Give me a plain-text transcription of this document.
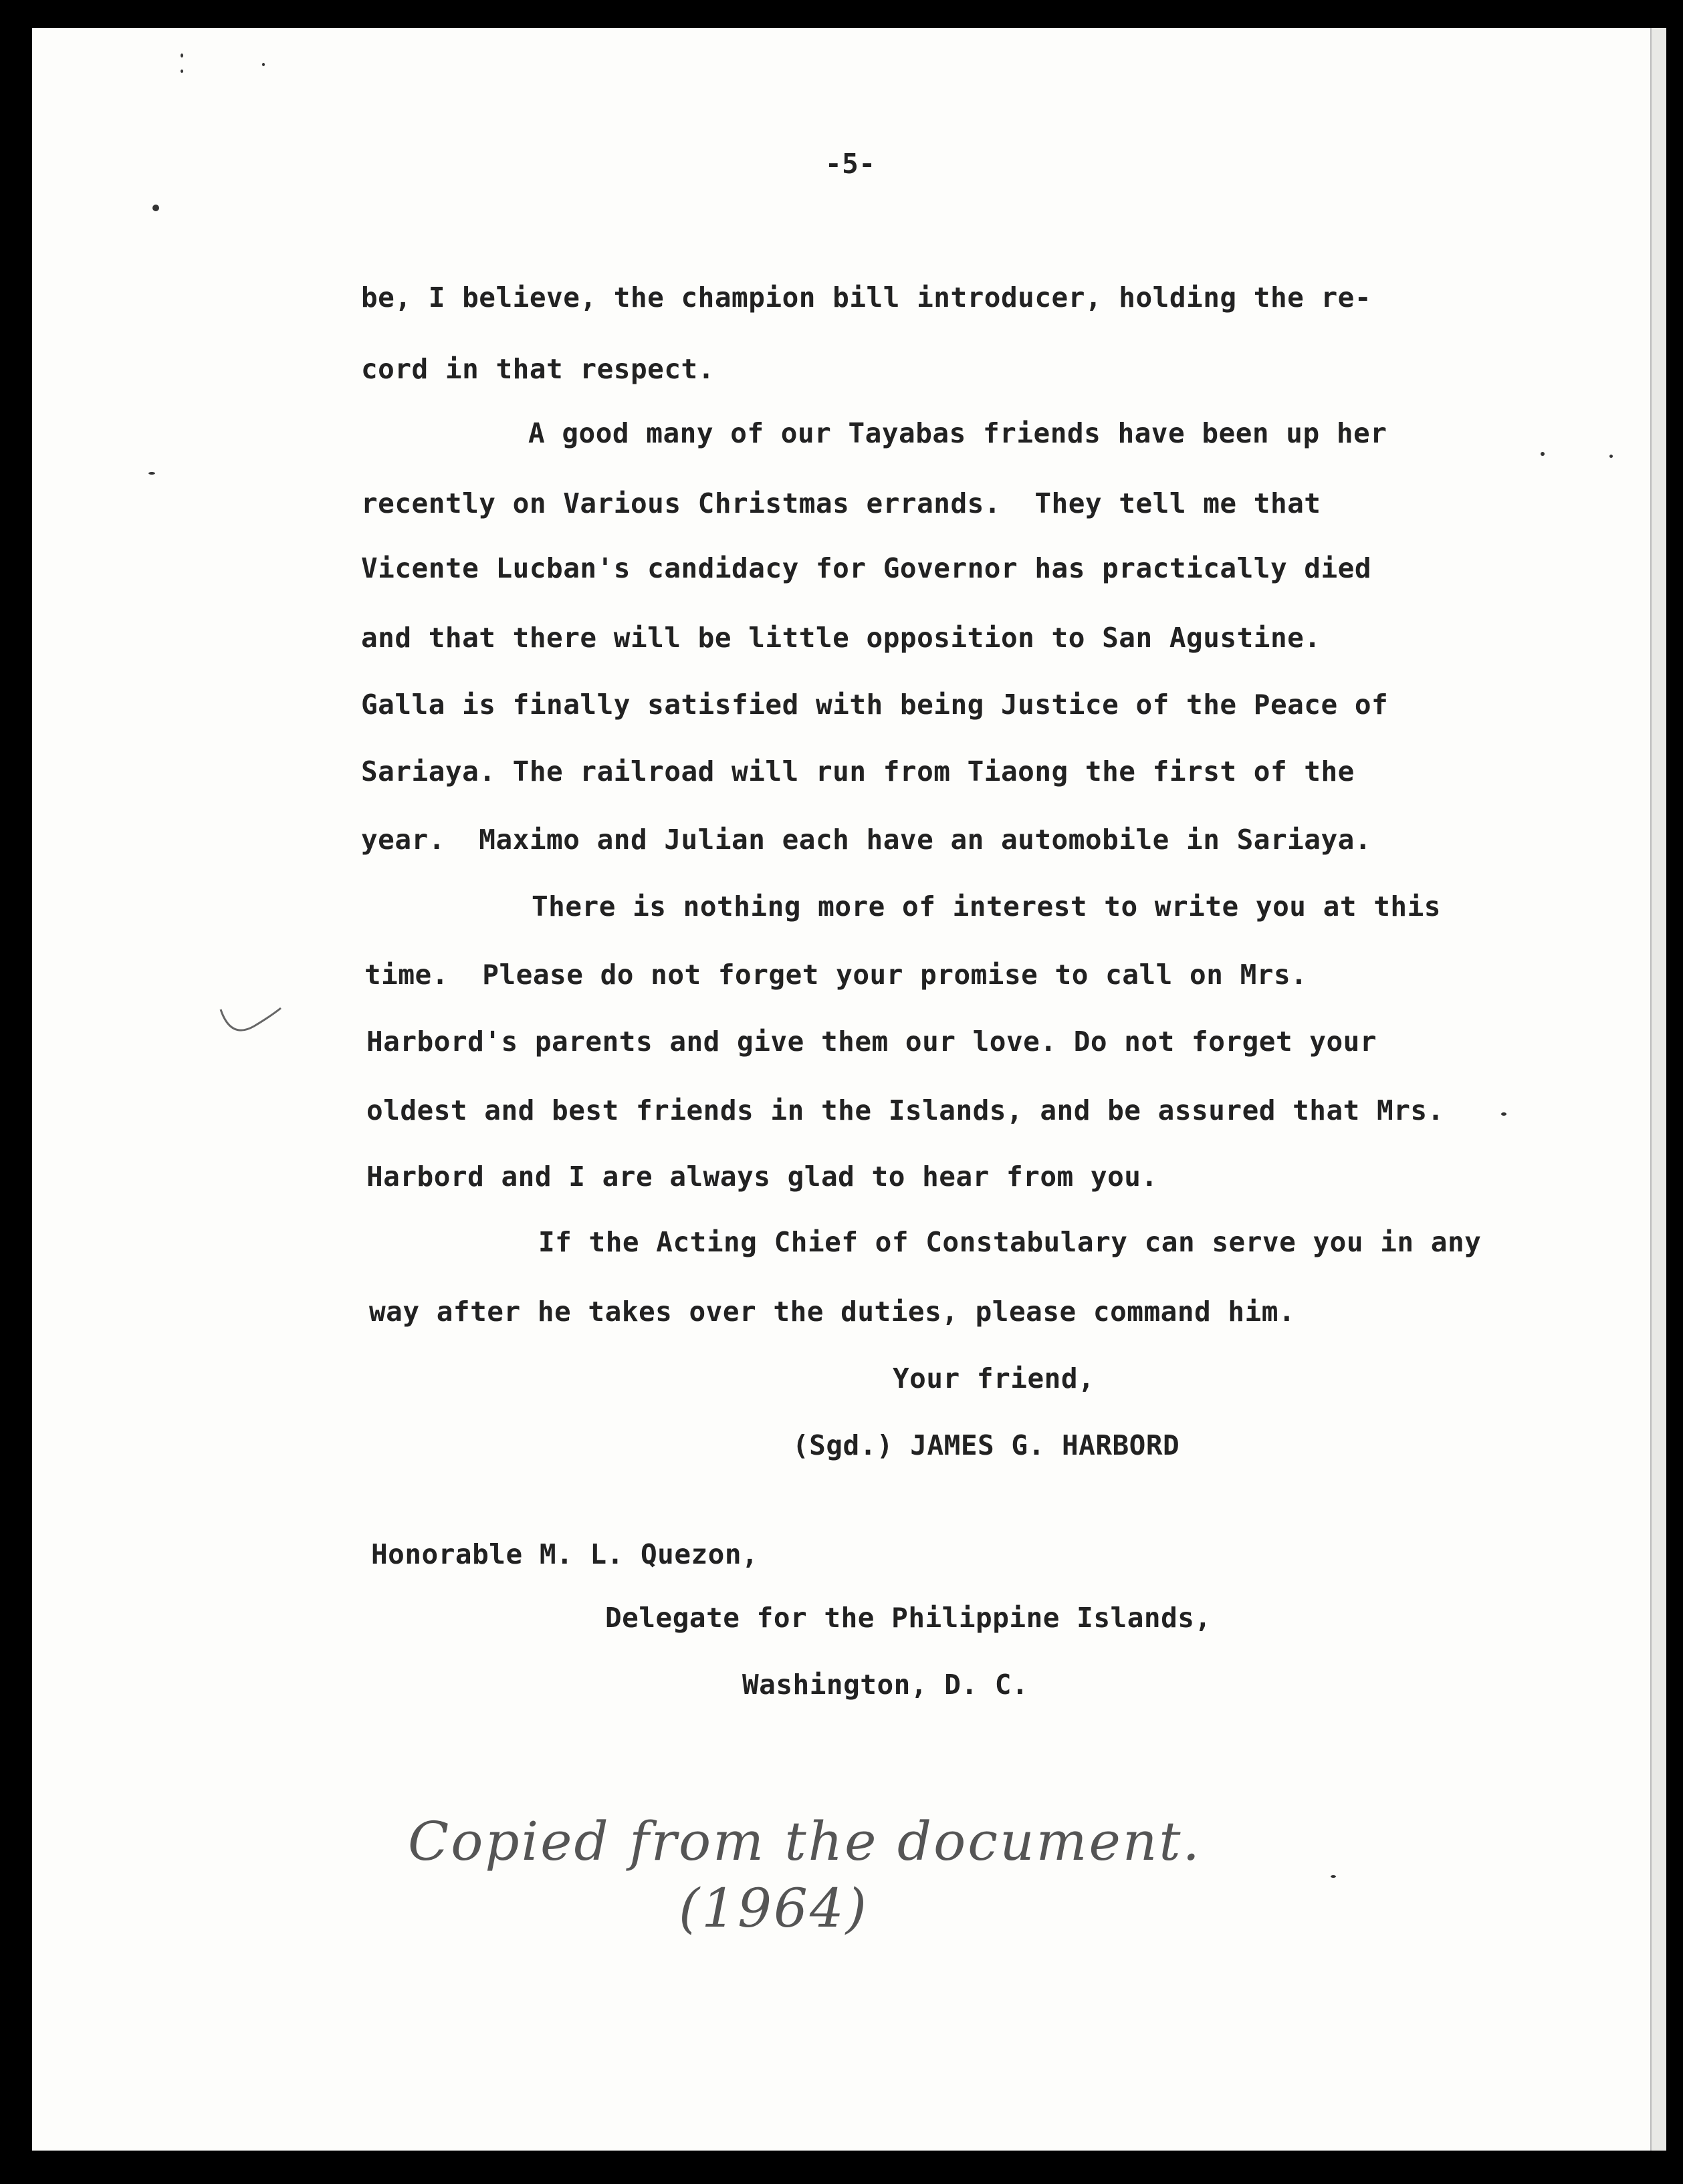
-5-
be, I believe, the champion bill introducer, holding the re-
cord in that respect.
A good many of our Tayabas friends have been up her
recently on Various Christmas errands.  They tell me that
Vicente Lucban's candidacy for Governor has practically died
and that there will be little opposition to San Agustine.
Galla is finally satisfied with being Justice of the Peace of
Sariaya. The railroad will run from Tiaong the first of the
year.  Maximo and Julian each have an automobile in Sariaya.
There is nothing more of interest to write you at this
time.  Please do not forget your promise to call on Mrs.
Harbord's parents and give them our love. Do not forget your
oldest and best friends in the Islands, and be assured that Mrs.
Harbord and I are always glad to hear from you.
If the Acting Chief of Constabulary can serve you in any
way after he takes over the duties, please command him.
Your friend,
(Sgd.) JAMES G. HARBORD
Honorable M. L. Quezon,
Delegate for the Philippine Islands,
Washington, D. C.
Copied from the document.
(1964)
